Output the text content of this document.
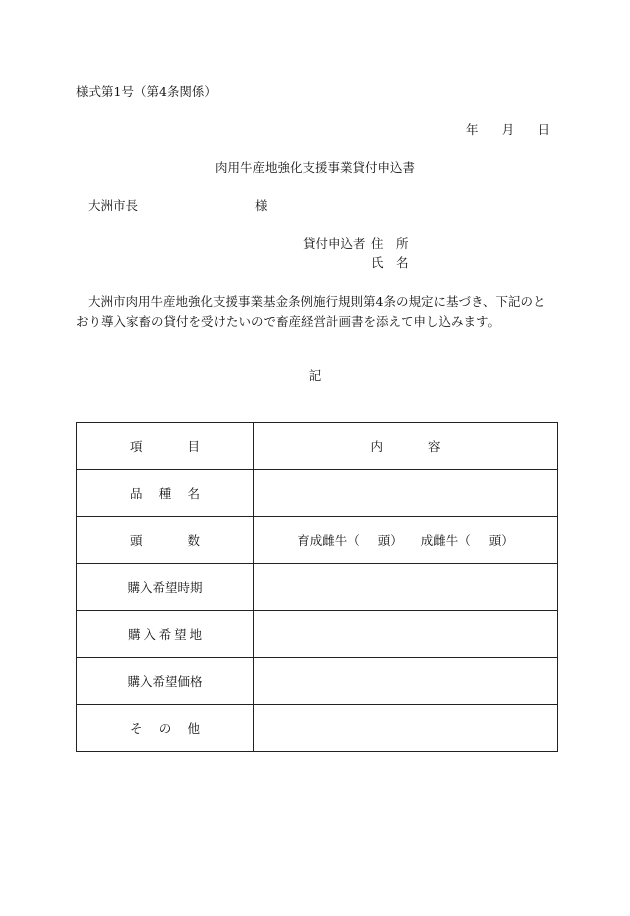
様式第1号（第4条関係）
年 月 日
肉用牛産地強化支援事業貸付申込書
大洲市長	様
貸付申込者 住　所
氏　名
大洲市肉用牛産地強化支援事業基金条例施行規則第4条の規定に基づき、下記のとおり導入家畜の貸付を受けたいので畜産経営計画書を添えて申し込みます。
記
項 目	内 容

品 種 名	

頭 数	育成雌牛（ 頭） 成雌牛（ 頭）
購入希望時期	

購 入 希 望 地	

購入希望価格	

そ の 他	
